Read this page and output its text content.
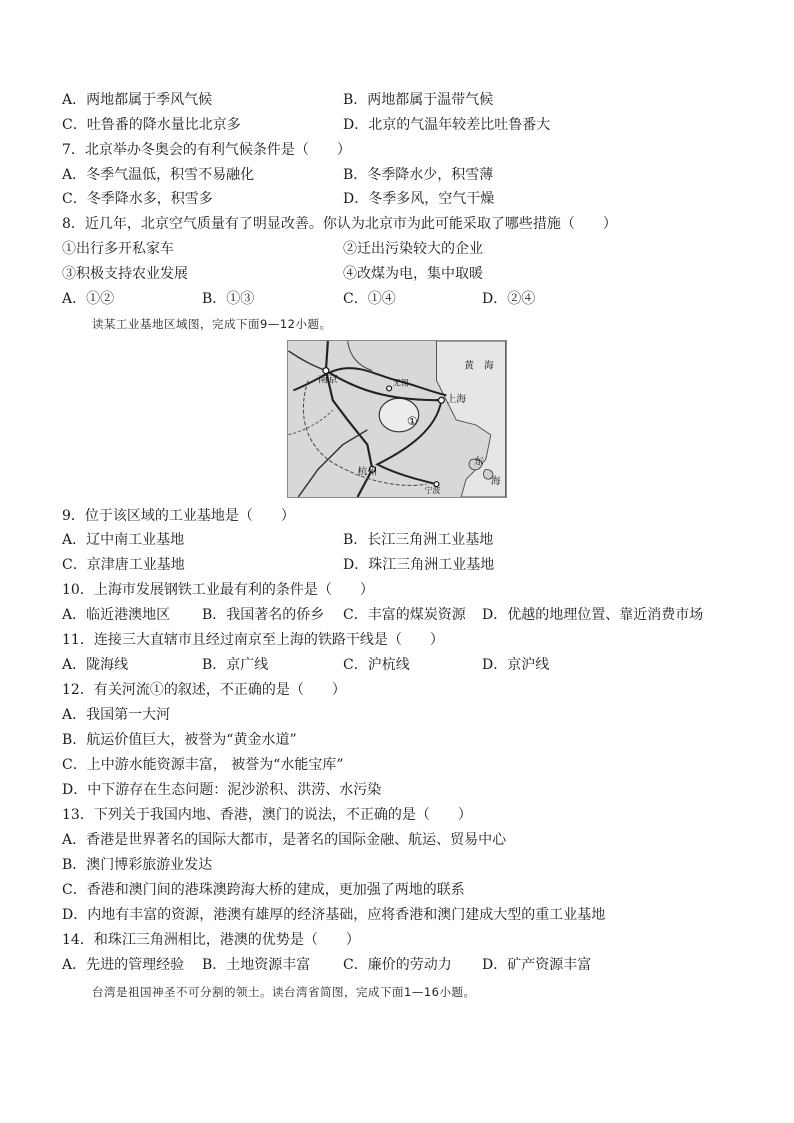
A．两地都属于季风气候	B．两地都属于温带气候
C．吐鲁番的降水量比北京多	D．北京的气温年较差比吐鲁番大
7．北京举办冬奥会的有利气候条件是（　　）
A．冬季气温低，积雪不易融化	B．冬季降水少，积雪薄
C．冬季降水多，积雪多	D．冬季多风，空气干燥
8．近几年，北京空气质量有了明显改善。你认为北京市为此可能采取了哪些措施（　　）
①出行多开私家车	②迁出污染较大的企业
③积极支持农业发展	④改煤为电，集中取暖
A．①②	B．①③	C．①④	D．②④
读某工业基地区域图，完成下面9—12小题。
南京	无锡
上海
杭州
宁波
黄 海
东
海
①
9．位于该区域的工业基地是（　　）
A．辽中南工业基地	B．长江三角洲工业基地
C．京津唐工业基地	D．珠江三角洲工业基地
10．上海市发展钢铁工业最有利的条件是（　　）
A．临近港澳地区 B．我国著名的侨乡 C．丰富的煤炭资源 D．优越的地理位置、靠近消费市场
11．连接三大直辖市且经过南京至上海的铁路干线是（　　）
A．陇海线	B．京广线	C．沪杭线	D．京沪线
12．有关河流①的叙述，不正确的是（　　）
A．我国第一大河
B．航运价值巨大，被誉为“黄金水道”
C．上中游水能资源丰富， 被誉为“水能宝库”
D．中下游存在生态问题：泥沙淤积、洪涝、水污染
13．下列关于我国内地、香港，澳门的说法，不正确的是（　　）
A．香港是世界著名的国际大都市，是著名的国际金融、航运、贸易中心
B．澳门博彩旅游业发达
C．香港和澳门间的港珠澳跨海大桥的建成，更加强了两地的联系
D．内地有丰富的资源，港澳有雄厚的经济基础，应将香港和澳门建成大型的重工业基地
14．和珠江三角洲相比，港澳的优势是（　　）
A．先进的管理经验 B．土地资源丰富 C．廉价的劳动力 D．矿产资源丰富
台湾是祖国神圣不可分割的领土。读台湾省简图，完成下面1—16小题。
